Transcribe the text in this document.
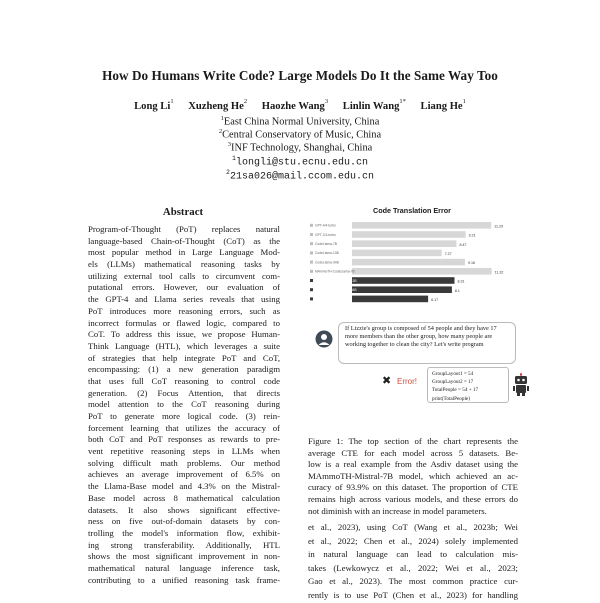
How Do Humans Write Code? Large Models Do It the Same Way Too
Long Li$^1$ Xuzheng He$^2$ Haozhe Wang$^3$ Linlin Wang$^{1*}$ Liang He$^1$
$^1$East China Normal University, China
$^2$Central Conservatory of Music, China
$^3$INF Technology, Shanghai, China
$^1$longli@stu.ecnu.edu.cn
$^2$21sa026@mail.ccom.edu.cn
Abstract
Program-of-Thought (PoT) replaces natural
language-based Chain-of-Thought (CoT) as the
most popular method in Large Language Mod-
els (LLMs) mathematical reasoning tasks by
utilizing external tool calls to circumvent com-
putational errors. However, our evaluation of
the GPT-4 and Llama series reveals that using
PoT introduces more reasoning errors, such as
incorrect formulas or flawed logic, compared to
CoT. To address this issue, we propose Human-
Think Language (HTL), which leverages a suite
of strategies that help integrate PoT and CoT,
encompassing: (1) a new generation paradigm
that uses full CoT reasoning to control code
generation. (2) Focus Attention, that directs
model attention to the CoT reasoning during
PoT to generate more logical code. (3) rein-
forcement learning that utilizes the accuracy of
both CoT and PoT responses as rewards to pre-
vent repetitive reasoning steps in LLMs when
solving difficult math problems. Our method
achieves an average improvement of 6.5% on
the Llama-Base model and 4.3% on the Mistral-
Base model across 8 mathematical calculation
datasets. It also shows significant effective-
ness on five out-of-domain datasets by con-
trolling the model's information flow, exhibit-
ing strong transferability. Additionally, HTL
shows the most significant improvement in non-
mathematical natural language inference task,
contributing to a unified reasoning task frame-
Code Translation Error
11.29
GPT-4/4-turbo
9.21
GPT-3.5-turbo
8.47
CodeLlama-7B
7.27
CodeLlama-13B
9.16
CodeLlama-34B
11.32
MAmmoTH-CodeLlama-7B
8.31
MAmmoTH-CodeLlama-13B
8.1
MAmmoTH-CodeLlama-34B
6.17
MAmmoTH-Mistral-7B
If Lizzie's group is composed of 54 people and they have 17 more members than the other group, how many people are working together to clean the city? Let's write program
✖ Error!
GroupLayout1 = 54
GroupLayout2 = 17
TotalPeople = 54 + 17
print(TotalPeople)
Figure 1: The top section of the chart represents the
average CTE for each model across 5 datasets. Be-
low is a real example from the Asdiv dataset using the
MAmmoTH-Mistral-7B model, which achieved an ac-
curacy of 93.9% on this dataset. The proportion of CTE
remains high across various models, and these errors do
not diminish with an increase in model parameters.
et al., 2023), using CoT (Wang et al., 2023b; Wei
et al., 2022; Chen et al., 2024) solely implemented
in natural language can lead to calculation mis-
takes (Lewkowycz et al., 2022; Wei et al., 2023;
Gao et al., 2023). The most common practice cur-
rently is to use PoT (Chen et al., 2023) for handling
